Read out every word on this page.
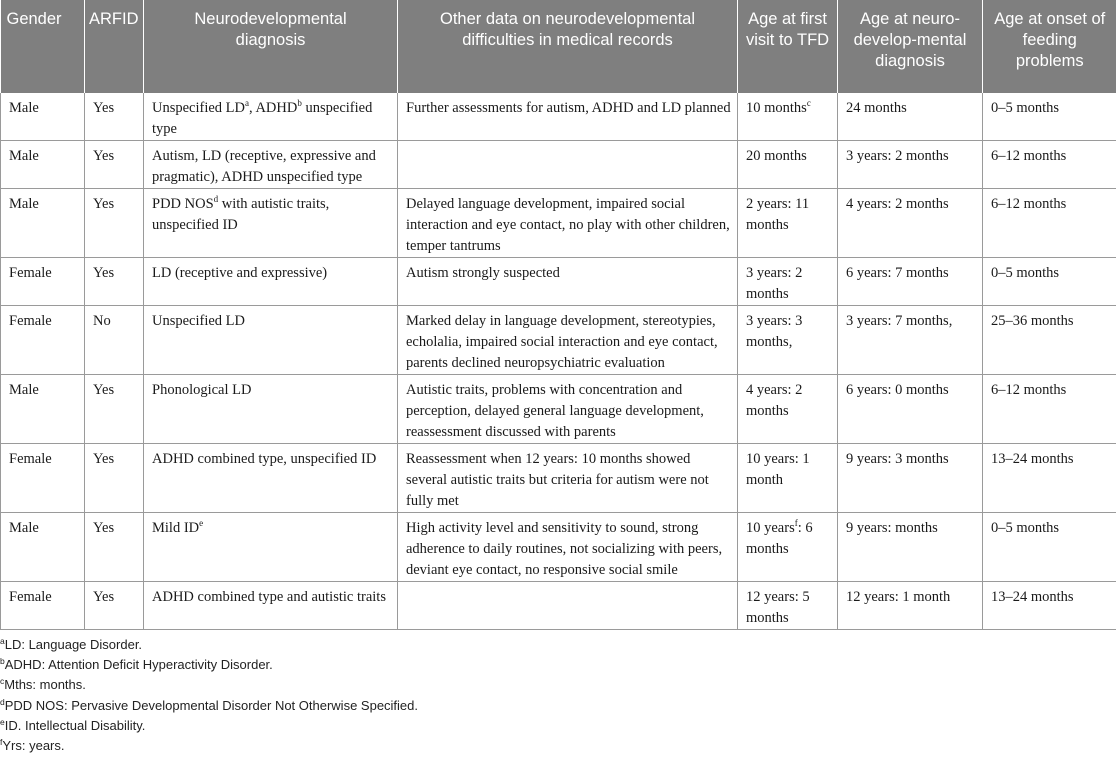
Gender	ARFID	Neurodevelopmental diagnosis	Other data on neurodevelopmental difficulties in medical records	Age at first visit to TFD	Age at neuro-develop-mental diagnosis	Age at onset of feeding problems
Male	Yes	Unspecified $LD^a$, ADHD$^b$ unspecified type	Further assessments for autism, ADHD and LD planned	10 months$^c$	24 months	0–5 months
Male	Yes	Autism, LD (receptive, expressive and pragmatic), ADHD unspecified type		20 months	3 years: 2 months	6–12 months
Male	Yes	PDD NOS$^d$ with autistic traits, unspecified ID	Delayed language development, impaired social interaction and eye contact, no play with other children, temper tantrums	2 years: 11 months	4 years: 2 months	6–12 months
Female	Yes	LD (receptive and expressive)	Autism strongly suspected	3 years: 2 months	6 years: 7 months	0–5 months
Female	No	Unspecified LD	Marked delay in language development, stereotypies, echolalia, impaired social interaction and eye contact, parents declined neuropsychiatric evaluation	3 years: 3 months,	3 years: 7 months,	25–36 months
Male	Yes	Phonological LD	Autistic traits, problems with concentration and perception, delayed general language development, reassessment discussed with parents	4 years: 2 months	6 years: 0 months	6–12 months
Female	Yes	ADHD combined type, unspecified ID	Reassessment when 12 years: 10 months showed several autistic traits but criteria for autism were not fully met	10 years: 1 month	9 years: 3 months	13–24 months
Male	Yes	Mild IDe	High activity level and sensitivity to sound, strong adherence to daily routines, not socializing with peers, deviant eye contact, no responsive social smile	10 years$^f$: 6 months	9 years: months	0–5 months
Female	Yes	ADHD combined type and autistic traits		12 years: 5 months	12 years: 1 month	13–24 months
$^a$LD: Language Disorder.
$^b$ADHD: Attention Deficit Hyperactivity Disorder.
$^c$Mths: months.
$^d$PDD NOS: Pervasive Developmental Disorder Not Otherwise Specified.
$^e$ID. Intellectual Disability.
$^f$Yrs: years.
